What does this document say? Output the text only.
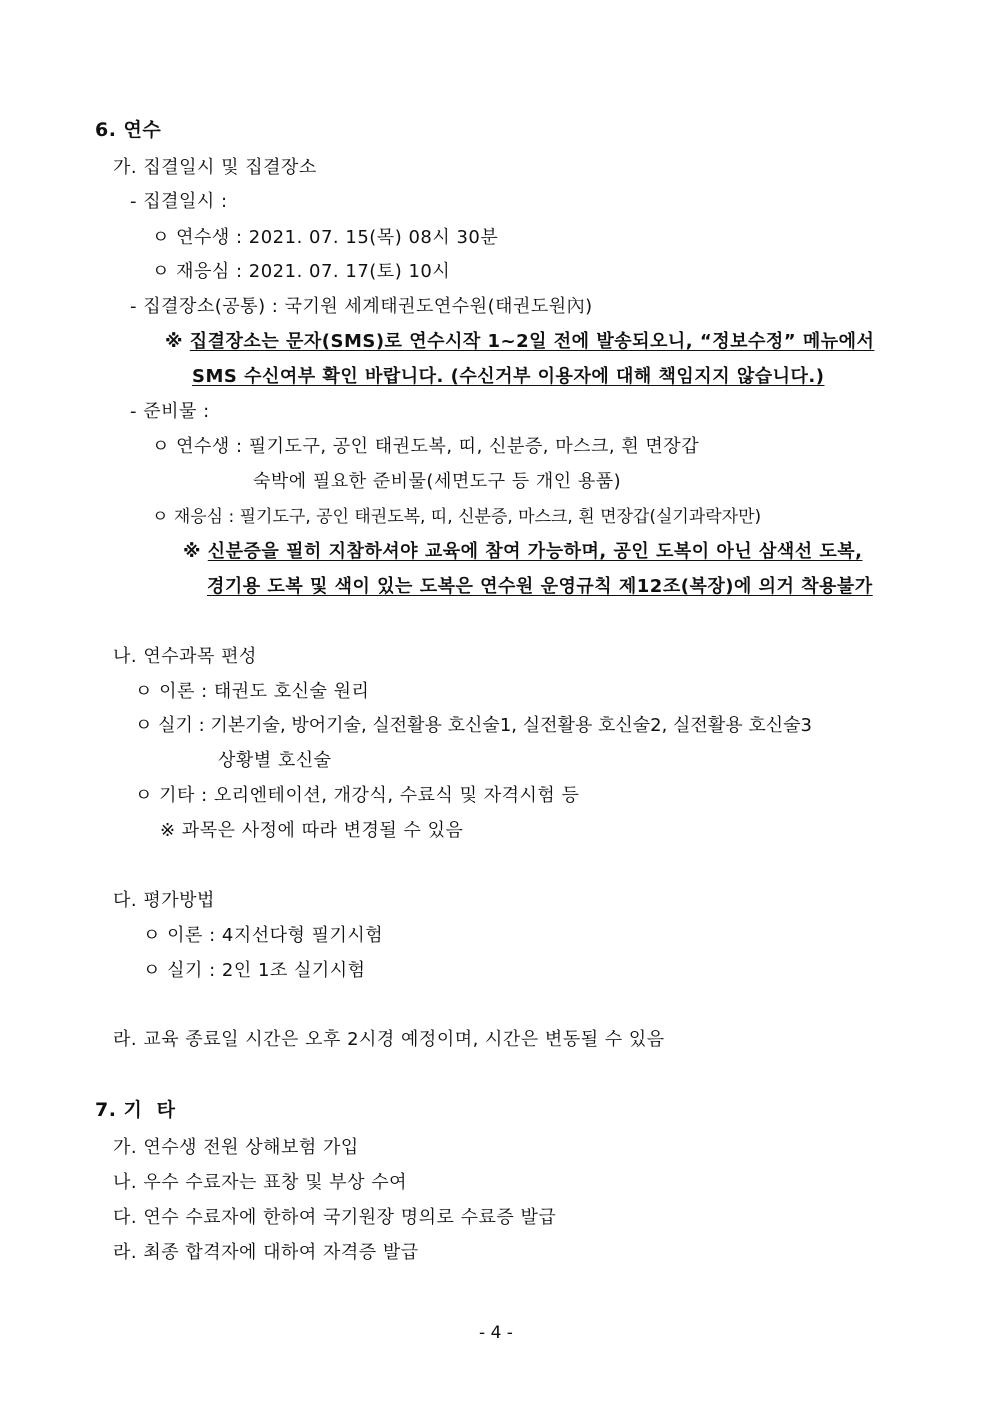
6. 연수
가. 집결일시 및 집결장소
- 집결일시 :
ㅇ 연수생 : 2021. 07. 15(목) 08시 30분
ㅇ 재응심 : 2021. 07. 17(토) 10시
- 집결장소(공통) : 국기원 세계태권도연수원(태권도원內)
※ 집결장소는 문자(SMS)로 연수시작 1~2일 전에 발송되오니, “정보수정” 메뉴에서
SMS 수신여부 확인 바랍니다. (수신거부 이용자에 대해 책임지지 않습니다.)
- 준비물 :
ㅇ 연수생 : 필기도구, 공인 태권도복, 띠, 신분증, 마스크, 흰 면장갑
숙박에 필요한 준비물(세면도구 등 개인 용품)
ㅇ 재응심 : 필기도구, 공인 태권도복, 띠, 신분증, 마스크, 흰 면장갑(실기과락자만)
※ 신분증을 필히 지참하셔야 교육에 참여 가능하며, 공인 도복이 아닌 삼색선 도복,
경기용 도복 및 색이 있는 도복은 연수원 운영규칙 제12조(복장)에 의거 착용불가
나. 연수과목 편성
ㅇ 이론 : 태권도 호신술 원리
ㅇ 실기 : 기본기술, 방어기술, 실전활용 호신술1, 실전활용 호신술2, 실전활용 호신술3
상황별 호신술
ㅇ 기타 : 오리엔테이션, 개강식, 수료식 및 자격시험 등
※ 과목은 사정에 따라 변경될 수 있음
다. 평가방법
ㅇ 이론 : 4지선다형 필기시험
ㅇ 실기 : 2인 1조 실기시험
라. 교육 종료일 시간은 오후 2시경 예정이며, 시간은 변동될 수 있음
7. 기  타
가. 연수생 전원 상해보험 가입
나. 우수 수료자는 표창 및 부상 수여
다. 연수 수료자에 한하여 국기원장 명의로 수료증 발급
라. 최종 합격자에 대하여 자격증 발급
- 4 -
